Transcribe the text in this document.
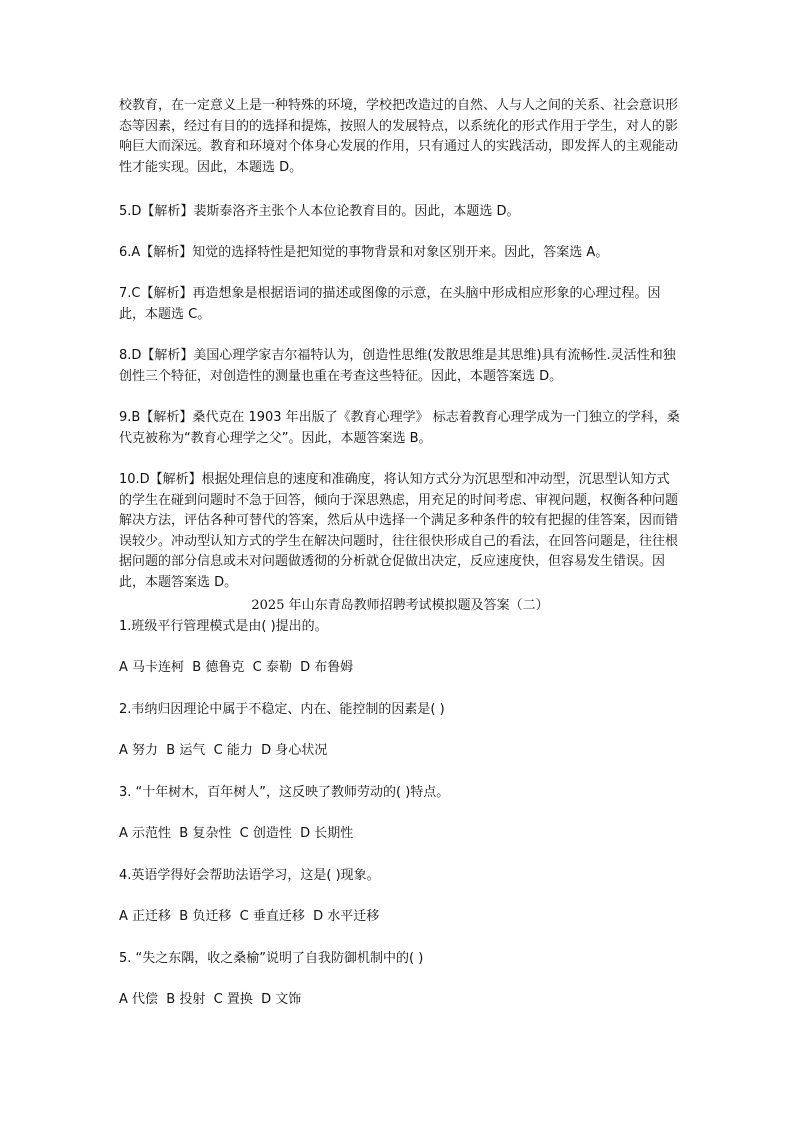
校教育，在一定意义上是一种特殊的环境，学校把改造过的自然、人与人之间的关系、社会意识形态等因素，经过有目的的选择和提炼，按照人的发展特点，以系统化的形式作用于学生，对人的影响巨大而深远。教育和环境对个体身心发展的作用，只有通过人的实践活动，即发挥人的主观能动性才能实现。因此，本题选 D。

5.D【解析】裴斯泰洛齐主张个人本位论教育目的。因此，本题选 D。

6.A【解析】知觉的选择特性是把知觉的事物背景和对象区别开来。因此，答案选 A。

7.C【解析】再造想象是根据语词的描述或图像的示意，在头脑中形成相应形象的心理过程。因此，本题选 C。

8.D【解析】美国心理学家吉尔福特认为，创造性思维(发散思维是其思维)具有流畅性.灵活性和独创性三个特征，对创造性的测量也重在考查这些特征。因此，本题答案选 D。

9.B【解析】桑代克在 1903 年出版了《教育心理学》 标志着教育心理学成为一门独立的学科，桑代克被称为“教育心理学之父”。因此，本题答案选 B。

10.D【解析】根据处理信息的速度和准确度，将认知方式分为沉思型和冲动型，沉思型认知方式的学生在碰到问题时不急于回答，倾向于深思熟虑，用充足的时间考虑、审视问题，权衡各种问题解决方法，评估各种可替代的答案，然后从中选择一个满足多种条件的较有把握的佳答案，因而错误较少。冲动型认知方式的学生在解决问题时，往往很快形成自己的看法，在回答问题是，往往根据问题的部分信息或未对问题做透彻的分析就仓促做出决定，反应速度快，但容易发生错误。因此，本题答案选 D。

2025 年山东青岛教师招聘考试模拟题及答案（二）

1.班级平行管理模式是由( )提出的。

A 马卡连柯  B 德鲁克  C 泰勒  D 布鲁姆

2.韦纳归因理论中属于不稳定、内在、能控制的因素是( )

A 努力  B 运气  C 能力  D 身心状况

3. “十年树木，百年树人”，这反映了教师劳动的( )特点。

A 示范性  B 复杂性  C 创造性  D 长期性

4.英语学得好会帮助法语学习，这是( )现象。

A 正迁移  B 负迁移  C 垂直迁移  D 水平迁移

5. “失之东隅，收之桑榆”说明了自我防御机制中的( )

A 代偿  B 投射  C 置换  D 文饰
